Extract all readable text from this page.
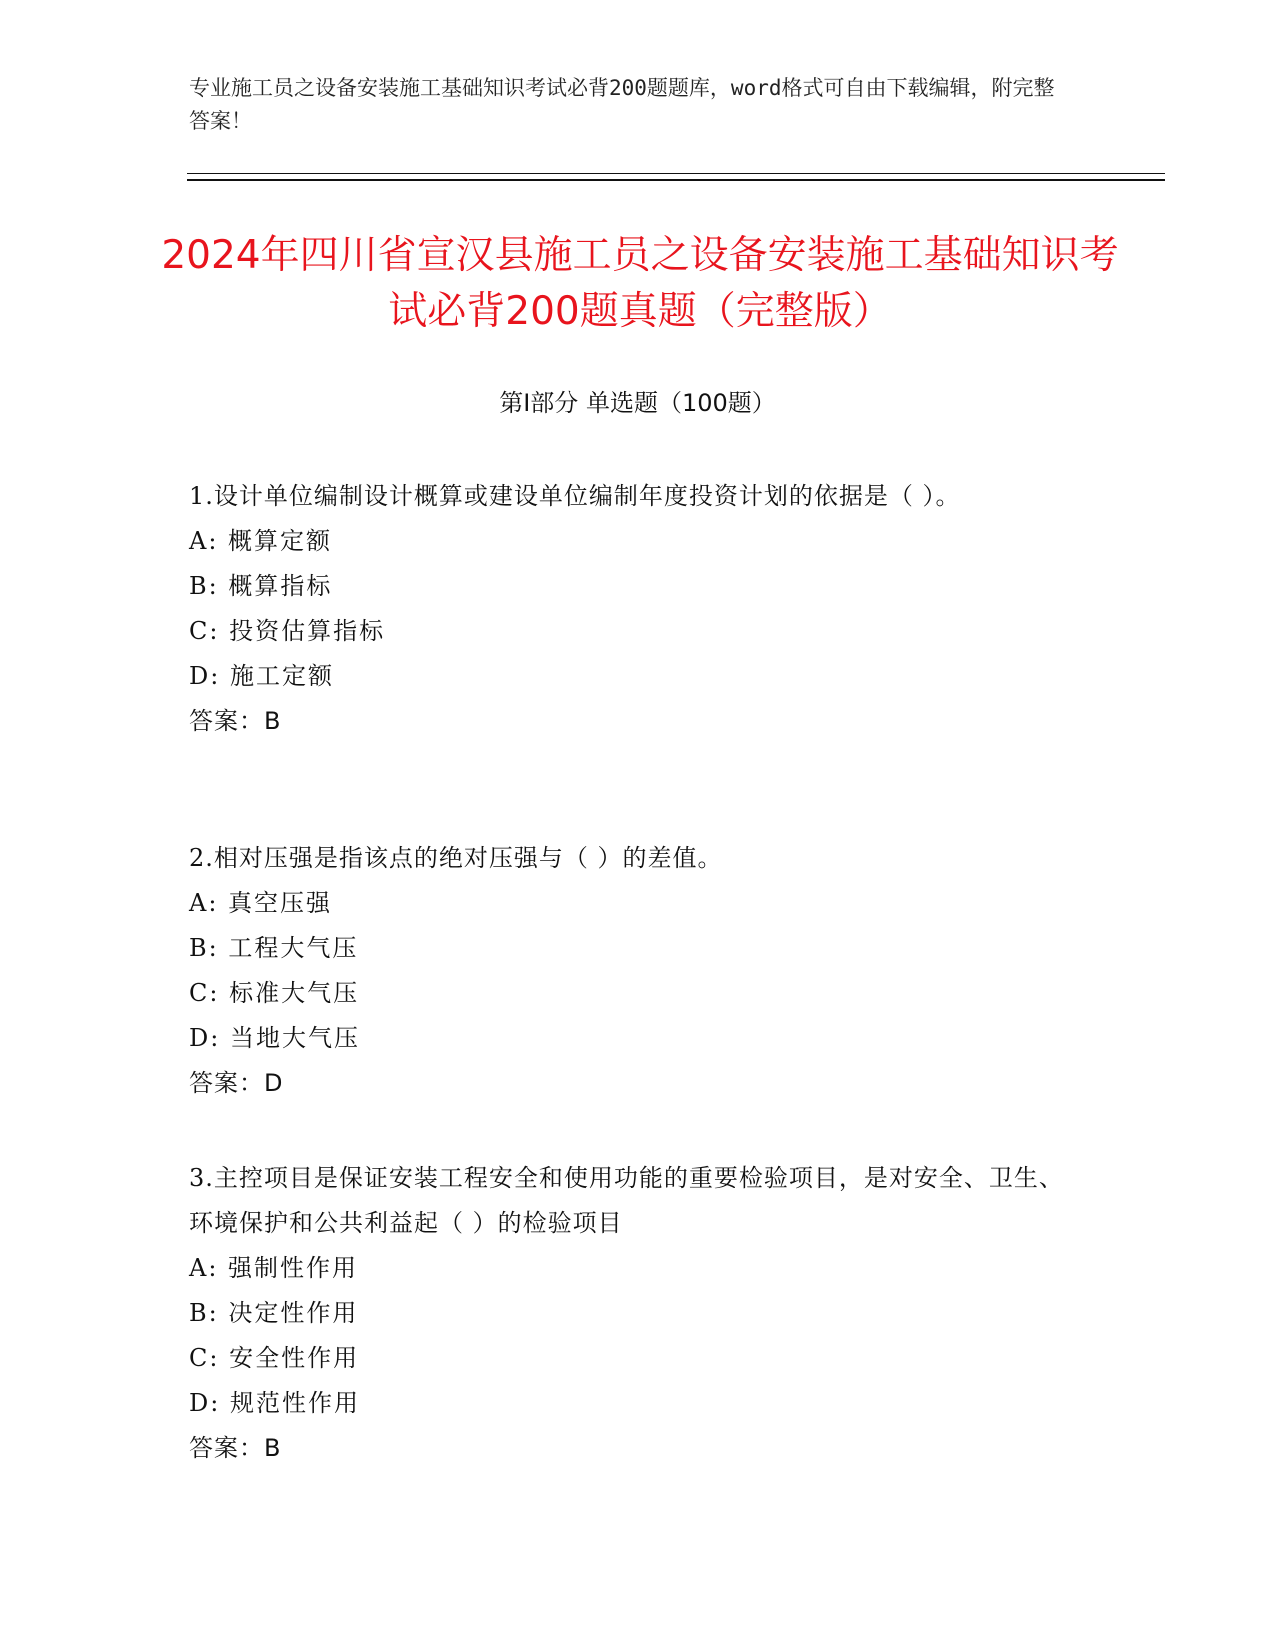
专业施工员之设备安装施工基础知识考试必背200题题库，word格式可自由下载编辑，附完整答案！
2024年四川省宣汉县施工员之设备安装施工基础知识考试必背200题真题（完整版）
第I部分 单选题（100题）
1.设计单位编制设计概算或建设单位编制年度投资计划的依据是（ ）。
A: 概算定额
B: 概算指标
C: 投资估算指标
D: 施工定额
答案：B
2.相对压强是指该点的绝对压强与（ ）的差值。
A: 真空压强
B: 工程大气压
C: 标准大气压
D: 当地大气压
答案：D
3.主控项目是保证安装工程安全和使用功能的重要检验项目，是对安全、卫生、环境保护和公共利益起（ ）的检验项目
A: 强制性作用
B: 决定性作用
C: 安全性作用
D: 规范性作用
答案：B
